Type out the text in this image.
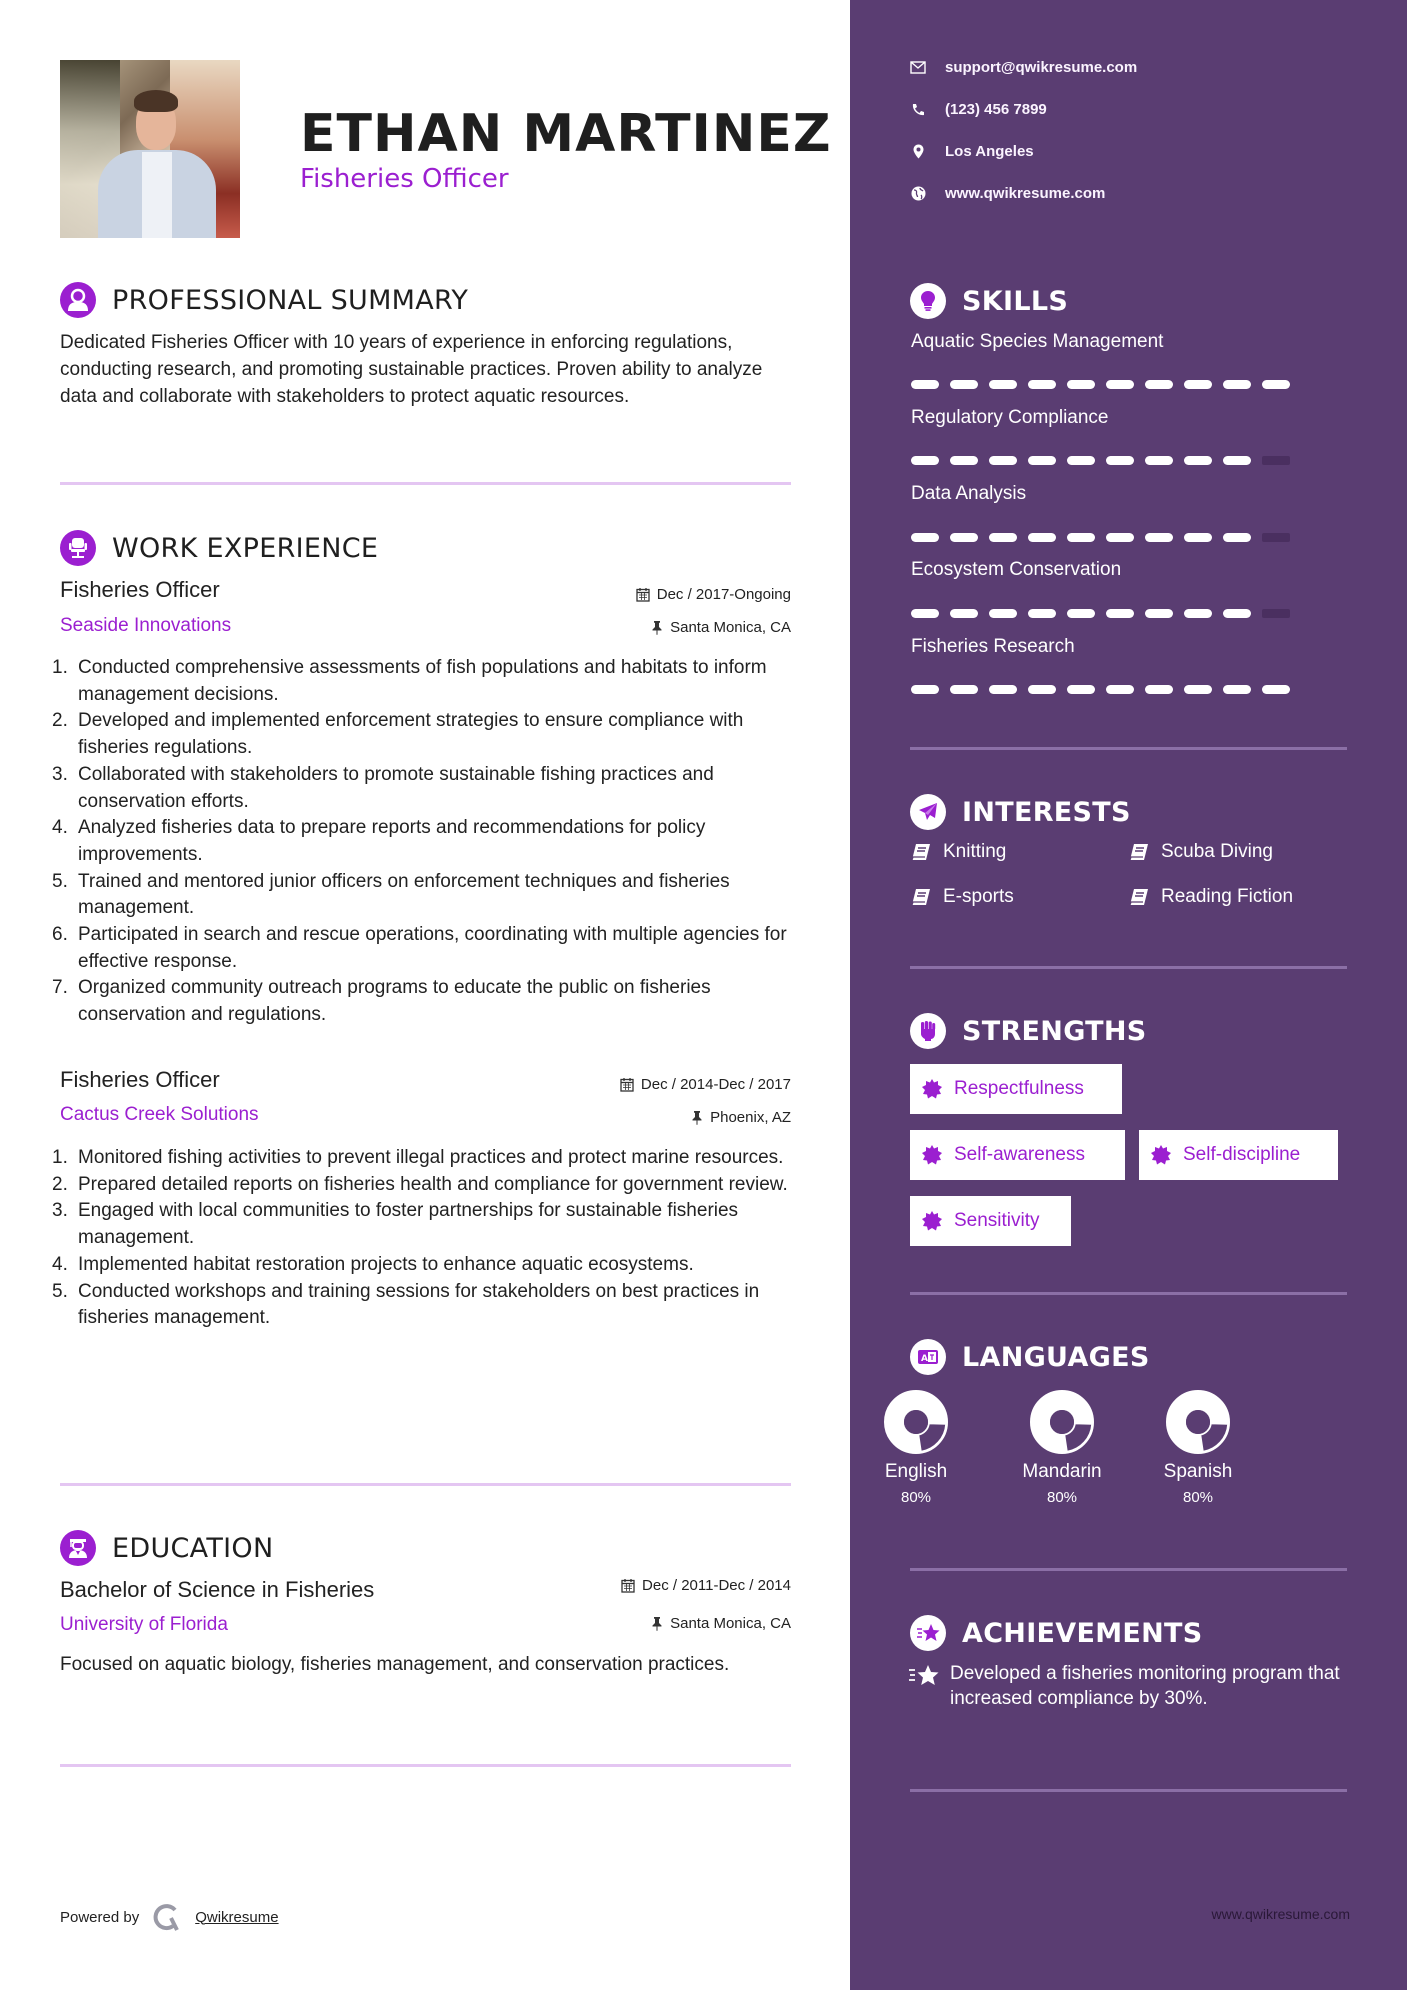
ETHAN MARTINEZ
Fisheries Officer
PROFESSIONAL SUMMARY
Dedicated Fisheries Officer with 10 years of experience in enforcing regulations, conducting research, and promoting sustainable practices. Proven ability to analyze data and collaborate with stakeholders to protect aquatic resources.
WORK EXPERIENCE
Fisheries Officer
Seaside Innovations
Dec / 2017-Ongoing
Santa Monica, CA
Conducted comprehensive assessments of fish populations and habitats to inform management decisions.
Developed and implemented enforcement strategies to ensure compliance with fisheries regulations.
Collaborated with stakeholders to promote sustainable fishing practices and conservation efforts.
Analyzed fisheries data to prepare reports and recommendations for policy improvements.
Trained and mentored junior officers on enforcement techniques and fisheries management.
Participated in search and rescue operations, coordinating with multiple agencies for effective response.
Organized community outreach programs to educate the public on fisheries conservation and regulations.
Fisheries Officer
Cactus Creek Solutions
Dec / 2014-Dec / 2017
Phoenix, AZ
Monitored fishing activities to prevent illegal practices and protect marine resources.
Prepared detailed reports on fisheries health and compliance for government review.
Engaged with local communities to foster partnerships for sustainable fisheries management.
Implemented habitat restoration projects to enhance aquatic ecosystems.
Conducted workshops and training sessions for stakeholders on best practices in fisheries management.
EDUCATION
Bachelor of Science in Fisheries
University of Florida
Dec / 2011-Dec / 2014
Santa Monica, CA
Focused on aquatic biology, fisheries management, and conservation practices.
Powered by	Qwikresume
support@qwikresume.com
(123) 456 7899
Los Angeles
www.qwikresume.com
SKILLS
Aquatic Species Management
Regulatory Compliance
Data Analysis
Ecosystem Conservation
Fisheries Research
INTERESTS
Knitting	Scuba Diving
E-sports	Reading Fiction
STRENGTHS
Respectfulness
Self-awareness	Self-discipline
Sensitivity
A LANGUAGES
English
80%
Mandarin
80%
Spanish
80%
ACHIEVEMENTS
Developed a fisheries monitoring program that increased compliance by 30%.
www.qwikresume.com
